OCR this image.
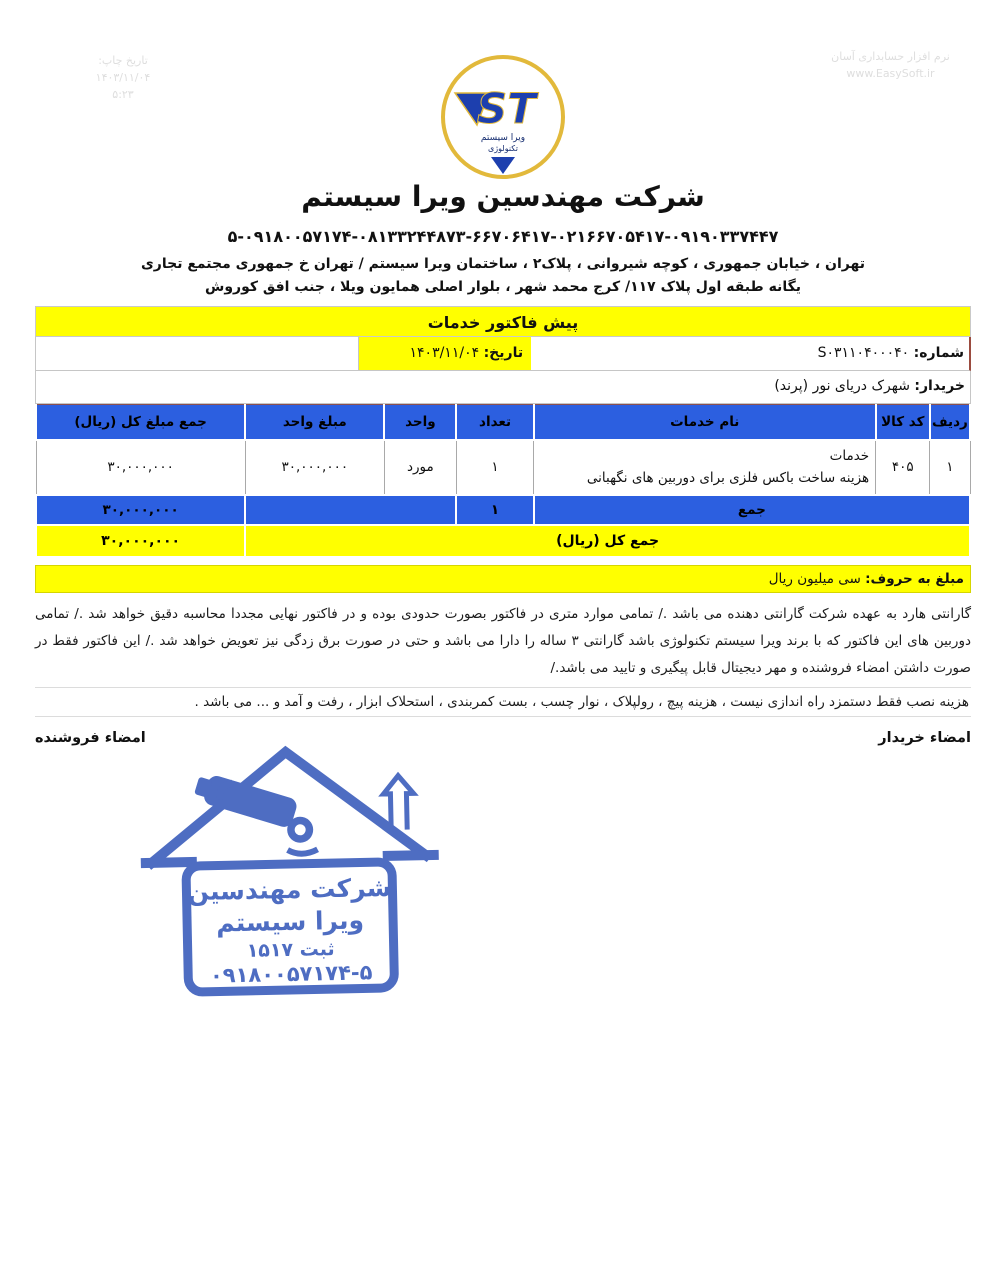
تاریخ چاپ:
۱۴۰۳/۱۱/۰۴
۵:۲۳
نرم افزار حسابداری آسان
www.EasySoft.ir
ST
ویرا سیستم
تکنولوژی
شرکت مهندسین ویرا سیستم
۵-۰۹۱۸۰۰۵۷۱۷۴-۰۸۱۳۳۲۴۴۸۷۳-۶۶۷۰۶۴۱۷-۰۲۱۶۶۷۰۵۴۱۷-۰۹۱۹۰۳۳۷۴۴۷
تهران ، خیابان جمهوری ، کوچه شیروانی ، پلاک۲ ، ساختمان ویرا سیستم / تهران خ جمهوری مجتمع تجاری
یگانه طبقه اول پلاک ۱۱۷/ کرج محمد شهر ، بلوار اصلی همایون ویلا ، جنب افق کوروش
پیش فاکتور خدمات
شماره: S۰۳۱۱۰۴۰۰۰۴۰
تاریخ: ۱۴۰۳/۱۱/۰۴
خریدار: شهرک دریای نور (پرند)
ردیف	کد کالا	نام خدمات	تعداد	واحد	مبلغ واحد	جمع مبلغ کل (ریال)
۱	۴۰۵	خدمات
هزینه ساخت باکس فلزی برای دوربین های نگهبانی	۱	مورد	۳۰,۰۰۰,۰۰۰	۳۰,۰۰۰,۰۰۰
جمع			۱			۳۰,۰۰۰,۰۰۰
جمع کل (ریال)						۳۰,۰۰۰,۰۰۰
مبلغ به حروف: سی میلیون ریال
گارانتی هارد به عهده شرکت گارانتی دهنده می باشد ./ تمامی موارد متری در فاکتور بصورت حدودی بوده و در فاکتور نهایی مجددا محاسبه دقیق خواهد شد ./ تمامی دوربین های این فاکتور که با برند ویرا سیستم تکنولوژی باشد گارانتی ۳ ساله را دارا می باشد و حتی در صورت برق زدگی نیز تعویض خواهد شد ./ این فاکتور فقط در صورت داشتن امضاء فروشنده و مهر دیجیتال قابل پیگیری و تایید می باشد./
هزینه نصب فقط دستمزد راه اندازی نیست ، هزینه پیچ ، رولپلاک ، نوار چسب ، بست کمربندی ، استحلاک ابزار ، رفت و آمد و ... می باشد .
امضاء خریدار
امضاء فروشنده
شرکت مهندسین
ویرا سیستم
ثبت ۱۵۱۷
۰۹۱۸۰۰۵۷۱۷۴-۵
